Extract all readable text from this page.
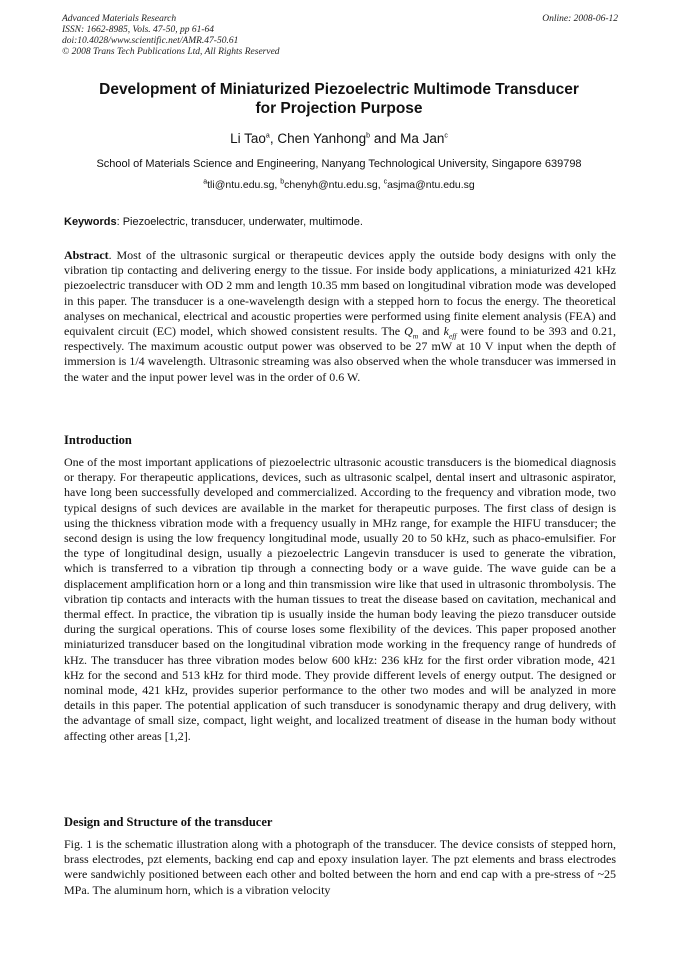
Advanced Materials Research
ISSN: 1662-8985, Vols. 47-50, pp 61-64
doi:10.4028/www.scientific.net/AMR.47-50.61
© 2008 Trans Tech Publications Ltd, All Rights Reserved
Online: 2008-06-12
Development of Miniaturized Piezoelectric Multimode Transducer
for Projection Purpose
Li Tao$^a$, Chen Yanhong$^b$ and Ma Jan$^c$
School of Materials Science and Engineering, Nanyang Technological University, Singapore 639798
$^a$tli@ntu.edu.sg, $^b$chenyh@ntu.edu.sg, $^c$asjma@ntu.edu.sg
Keywords: Piezoelectric, transducer, underwater, multimode.
Abstract. Most of the ultrasonic surgical or therapeutic devices apply the outside body designs with only the vibration tip contacting and delivering energy to the tissue. For inside body applications, a miniaturized 421 kHz piezoelectric transducer with OD 2 mm and length 10.35 mm based on longitudinal vibration mode was developed in this paper. The transducer is a one-wavelength design with a stepped horn to focus the energy. The theoretical analyses on mechanical, electrical and acoustic properties were performed using finite element analysis (FEA) and equivalent circuit (EC) model, which showed consistent results. The $Q_m$ and $k_{eff}$ were found to be 393 and 0.21, respectively. The maximum acoustic output power was observed to be 27 mW at 10 V input when the depth of immersion is 1/4 wavelength. Ultrasonic streaming was also observed when the whole transducer was immersed in the water and the input power level was in the order of 0.6 W.
Introduction
One of the most important applications of piezoelectric ultrasonic acoustic transducers is the biomedical diagnosis or therapy. For therapeutic applications, devices, such as ultrasonic scalpel, dental insert and ultrasonic aspirator, have long been successfully developed and commercialized. According to the frequency and vibration mode, two typical designs of such devices are available in the market for therapeutic purposes. The first class of design is using the thickness vibration mode with a frequency usually in MHz range, for example the HIFU transducer; the second design is using the low frequency longitudinal mode, usually 20 to 50 kHz, such as phaco-emulsifier. For the type of longitudinal design, usually a piezoelectric Langevin transducer is used to generate the vibration, which is transferred to a vibration tip through a connecting body or a wave guide. The wave guide can be a displacement amplification horn or a long and thin transmission wire like that used in ultrasonic thrombolysis. The vibration tip contacts and interacts with the human tissues to treat the disease based on cavitation, mechanical and thermal effect. In practice, the vibration tip is usually inside the human body leaving the piezo transducer outside during the surgical operations. This of course loses some flexibility of the devices. This paper proposed another miniaturized transducer based on the longitudinal vibration mode working in the frequency range of hundreds of kHz. The transducer has three vibration modes below 600 kHz: 236 kHz for the first order vibration mode, 421 kHz for the second and 513 kHz for third mode. They provide different levels of energy output. The designed or nominal mode, 421 kHz, provides superior performance to the other two modes and will be analyzed in more details in this paper. The potential application of such transducer is sonodynamic therapy and drug delivery, with the advantage of small size, compact, light weight, and localized treatment of disease in the human body without affecting other areas [1,2].
Design and Structure of the transducer
Fig. 1 is the schematic illustration along with a photograph of the transducer. The device consists of stepped horn, brass electrodes, pzt elements, backing end cap and epoxy insulation layer. The pzt elements and brass electrodes were sandwichly positioned between each other and bolted between the horn and end cap with a pre-stress of ~25 MPa. The aluminum horn, which is a vibration velocity
